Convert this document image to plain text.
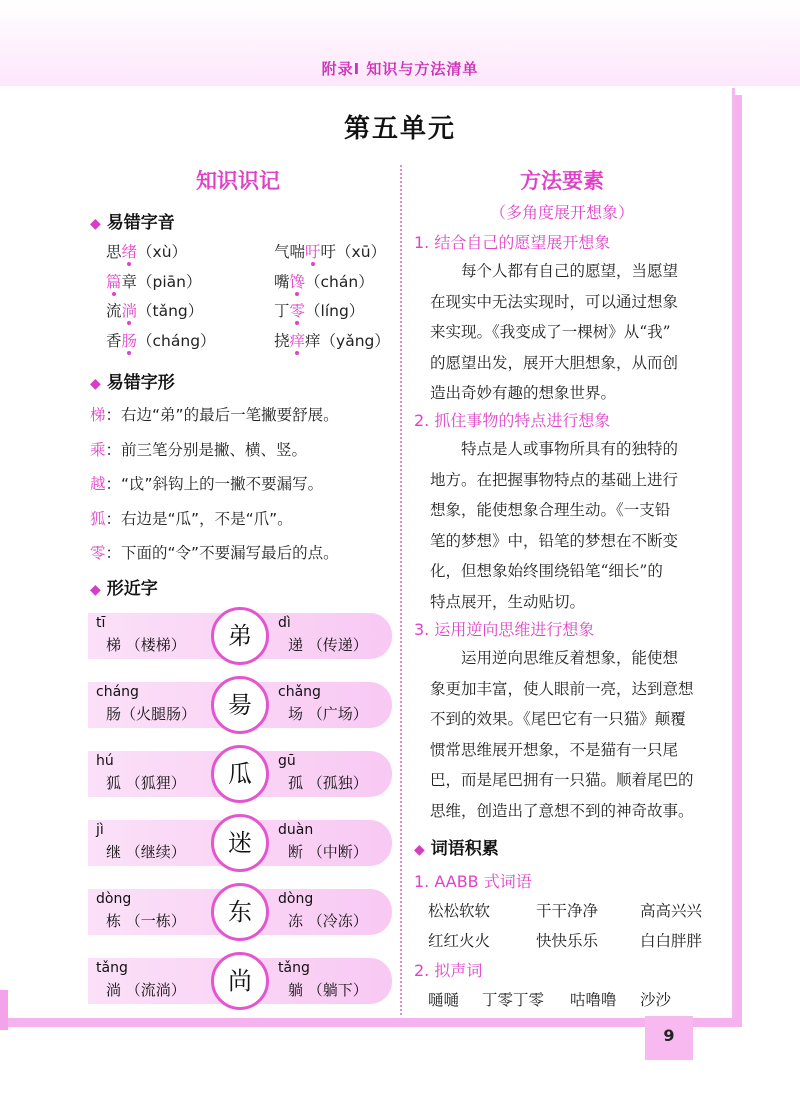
附录Ⅰ 知识与方法清单
第五单元
知识识记
◆ 易错字音
思绪（xù）	气喘吁吁（xū）
篇章（piān）	嘴馋（chán）
流淌（tǎng）	丁零（líng）
香肠（cháng）	挠痒痒（yǎng）
◆ 易错字形
梯：右边“弟”的最后一笔撇要舒展。
乘：前三笔分别是撇、横、竖。
越：“戉”斜钩上的一撇不要漏写。
狐：右边是“瓜”，不是“爪”。
零：下面的“令”不要漏写最后的点。
◆ 形近字
tī
梯 （楼梯）
dì
递 （传递）
弟
cháng
肠（火腿肠）
chǎng
场 （广场）
昜
hú
狐 （狐狸）
gū
孤 （孤独）
瓜
jì
继 （继续）
duàn
断 （中断）
迷
dòng
栋 （一栋）
dòng
冻 （冷冻）
东
tǎng
淌 （流淌）
tǎng
躺 （躺下）
尚
方法要素
（多角度展开想象）
1. 结合自己的愿望展开想象
每个人都有自己的愿望，当愿望
在现实中无法实现时，可以通过想象
来实现。《我变成了一棵树》从“我”
的愿望出发，展开大胆想象，从而创
造出奇妙有趣的想象世界。
2. 抓住事物的特点进行想象
特点是人或事物所具有的独特的
地方。在把握事物特点的基础上进行
想象，能使想象合理生动。《一支铅
笔的梦想》中，铅笔的梦想在不断变
化，但想象始终围绕铅笔“细长”的
特点展开，生动贴切。
3. 运用逆向思维进行想象
运用逆向思维反着想象，能使想
象更加丰富，使人眼前一亮，达到意想
不到的效果。《尾巴它有一只猫》颠覆
惯常思维展开想象，不是猫有一只尾
巴，而是尾巴拥有一只猫。顺着尾巴的
思维，创造出了意想不到的神奇故事。
◆ 词语积累
1. AABB 式词语
松松软软	干干净净	高高兴兴
红红火火	快快乐乐	白白胖胖
2. 拟声词
嗵嗵 丁零丁零 咕噜噜 沙沙
9
